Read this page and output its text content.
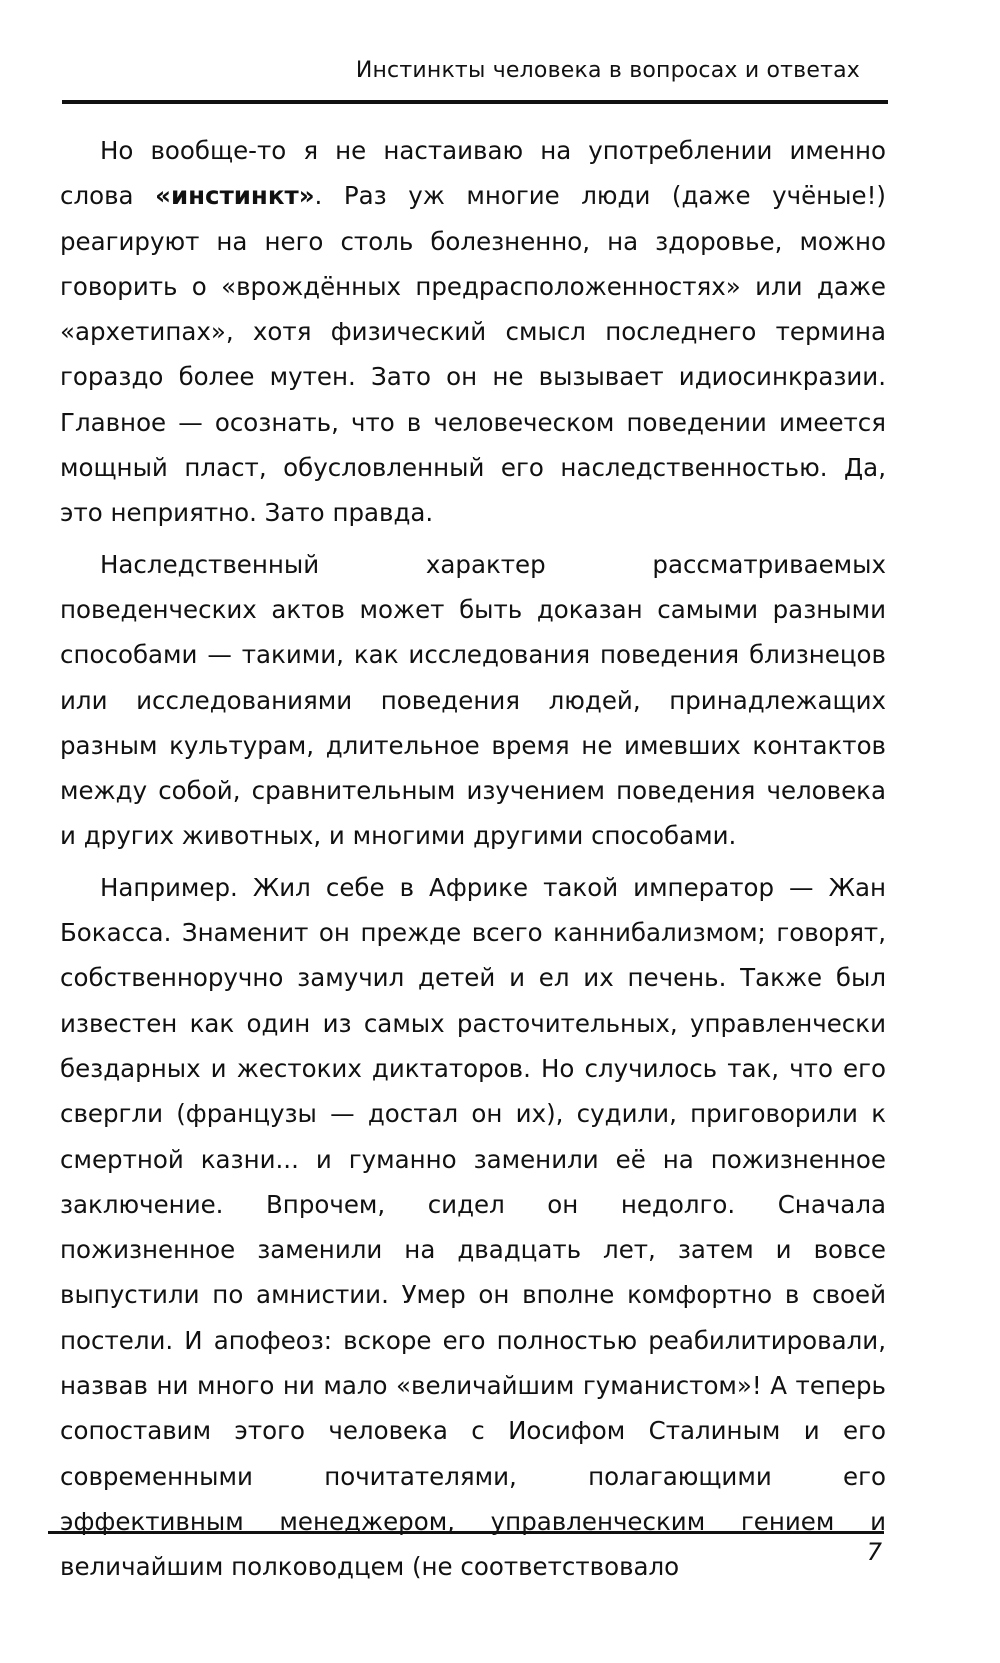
Инстинкты человека в вопросах и ответах

Но вообще-то я не настаиваю на употреблении именно слова «инстинкт». Раз уж многие люди (даже учёные!) реагируют на него столь болезненно, на здоровье, можно говорить о «врождённых предрасположенностях» или даже «архетипах», хотя физический смысл последнего термина гораздо более мутен. Зато он не вызывает идиосинкразии. Главное — осознать, что в человеческом поведении имеется мощный пласт, обусловленный его наследственностью. Да, это неприятно. Зато правда.

Наследственный характер рассматриваемых поведенческих актов может быть доказан самыми разными способами — такими, как исследования поведения близнецов или исследованиями поведения людей, принадлежащих разным культурам, длительное время не имевших контактов между собой, сравнительным изучением поведения человека и других животных, и многими другими способами.

Например. Жил себе в Африке такой император — Жан Бокасса. Знаменит он прежде всего каннибализмом; говорят, собственноручно замучил детей и ел их печень. Также был известен как один из самых расточительных, управленчески бездарных и жестоких диктаторов. Но случилось так, что его свергли (французы — достал он их), судили, приговорили к смертной казни... и гуманно заменили её на пожизненное заключение. Впрочем, сидел он недолго. Сначала пожизненное заменили на двадцать лет, затем и вовсе выпустили по амнистии. Умер он вполне комфортно в своей постели. И апофеоз: вскоре его полностью реабилитировали, назвав ни много ни мало «величайшим гуманистом»! А теперь сопоставим этого человека с Иосифом Сталиным и его современными почитателями, полагающими его эффективным менеджером, управленческим гением и величайшим полководцем (не соответствовало

7
